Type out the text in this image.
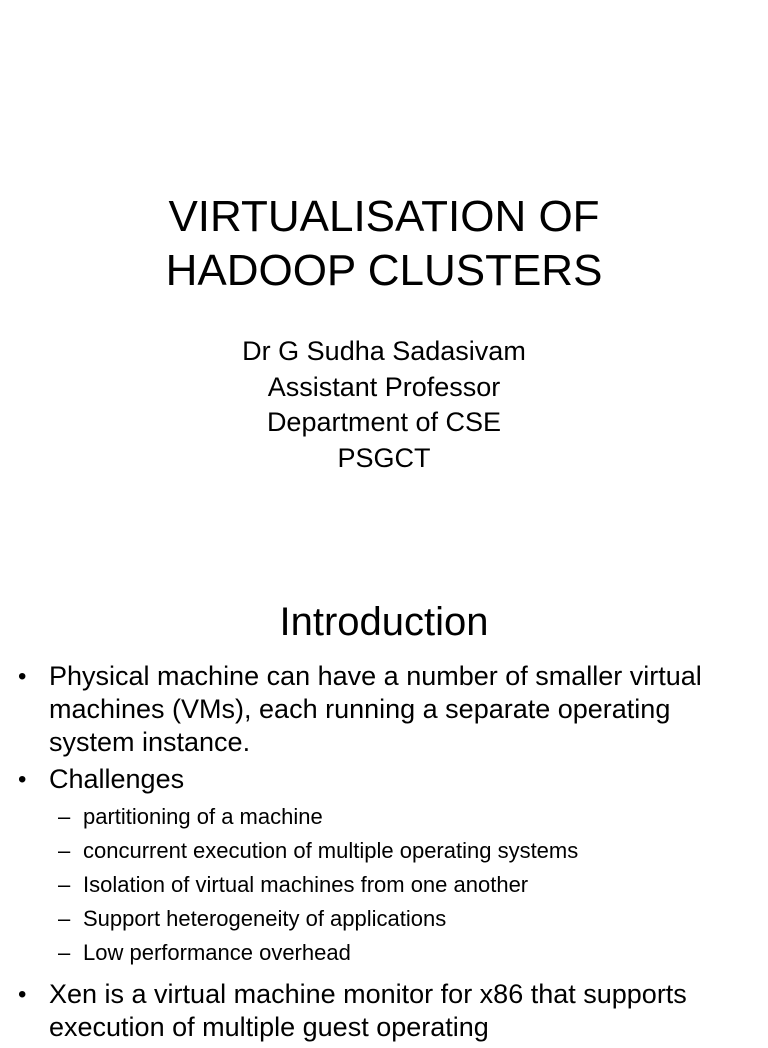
VIRTUALISATION OF
HADOOP CLUSTERS
Dr G Sudha Sadasivam
Assistant Professor
Department of CSE
PSGCT
Introduction
• Physical machine can have a number of smaller virtual machines (VMs), each running a separate operating system instance.
• Challenges
– partitioning of a machine
– concurrent execution of multiple operating systems
– Isolation of virtual machines from one another
– Support heterogeneity of applications
– Low performance overhead
• Xen is a virtual machine monitor for x86 that supports execution of multiple guest operating
